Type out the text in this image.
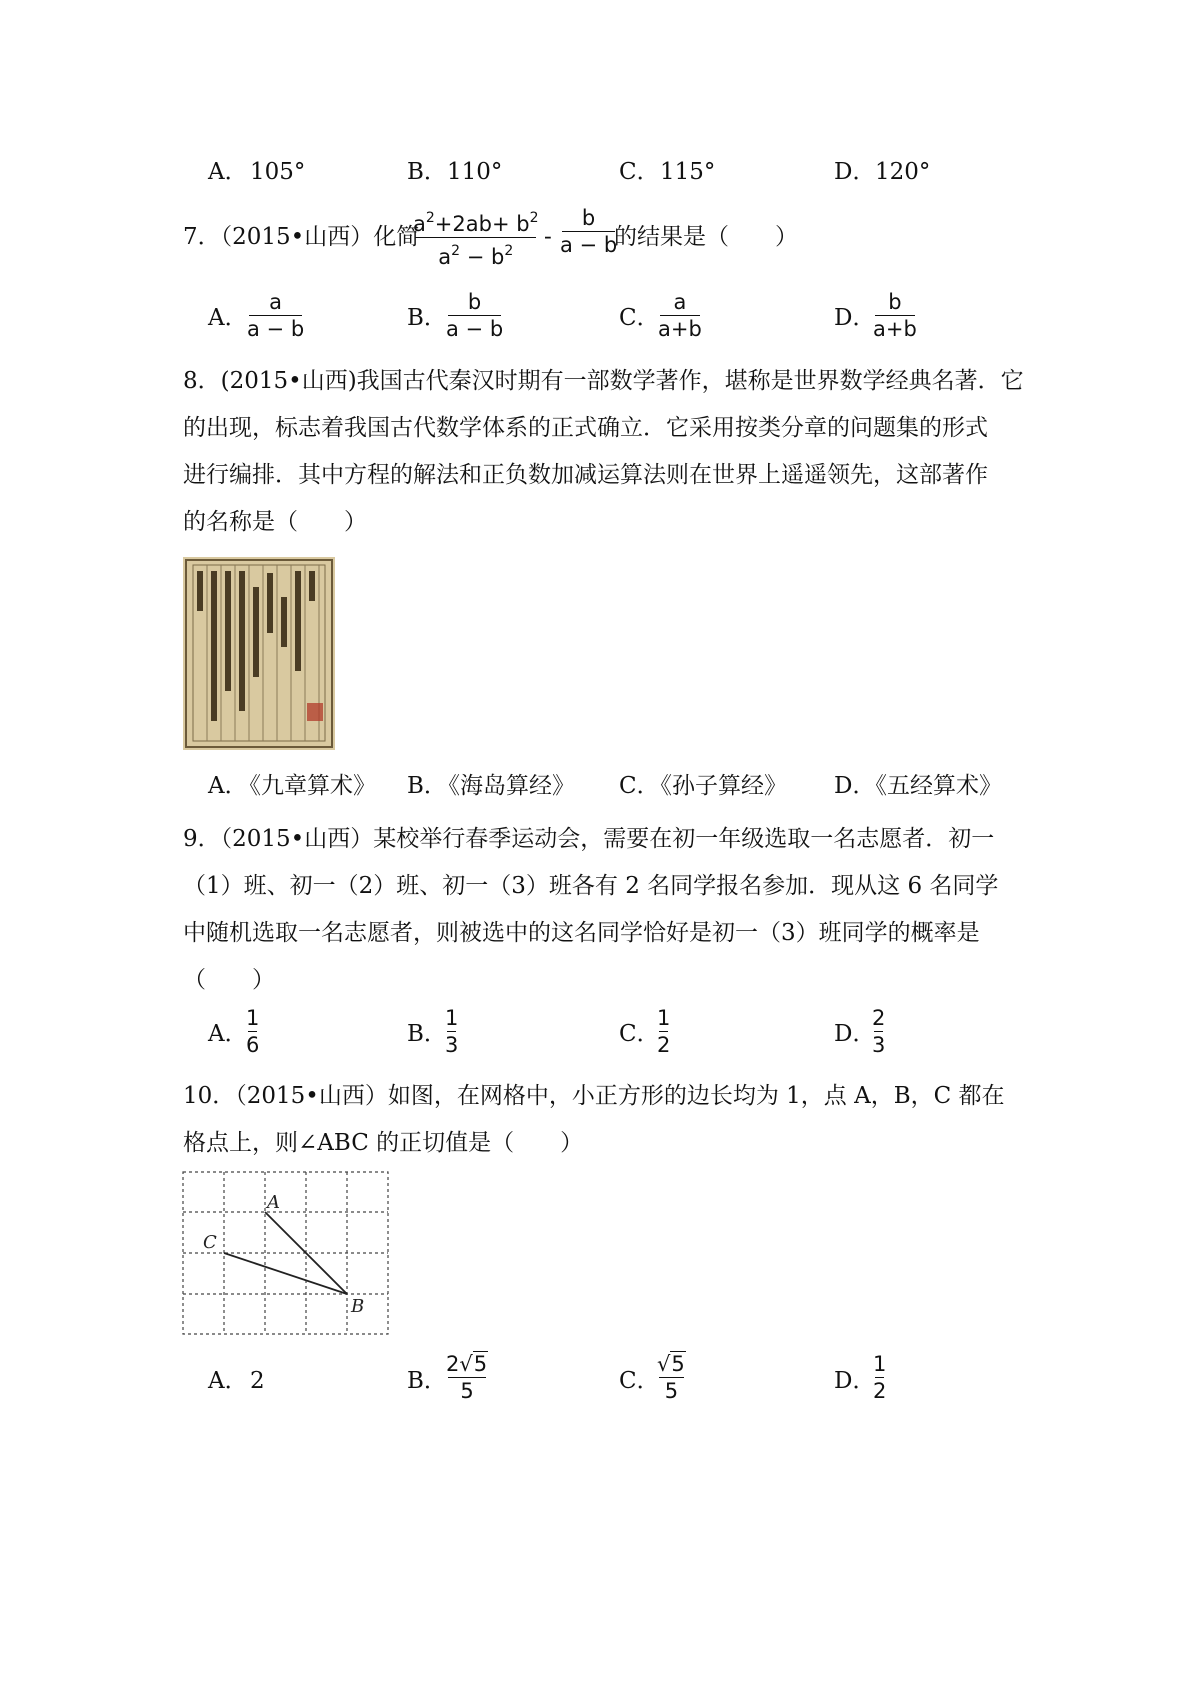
A． 105°	B． 110°	C． 115°	D． 120°
7．（2015•山西）化简
$a^2+2ab+ b^2$
$a^2 - b^2$
-
b
a − b
的结果是（　　）
A．
a
a − b	B．
b
a − b	C．
a
a+b	D．
b
a+b
8．(2015•山西)我国古代秦汉时期有一部数学著作，堪称是世界数学经典名著．它
的出现，标志着我国古代数学体系的正式确立．它采用按类分章的问题集的形式
进行编排．其中方程的解法和正负数加减运算法则在世界上遥遥领先，这部著作
的名称是（　　）
A．
《九章算术》 B．
《海岛算经》 C．
《孙子算经》 D．
《五经算术》
9．（2015•山西）某校举行春季运动会，需要在初一年级选取一名志愿者．初一
（1）班、初一（2）班、初一（3）班各有 2 名同学报名参加．现从这 6 名同学
中随机选取一名志愿者，则被选中的这名同学恰好是初一（3）班同学的概率是
（　　）
A．
1
6	B．
1
3	C．
1
2	D．
2
3
10．（2015•山西）如图，在网格中，小正方形的边长均为 1，点 A，B，C 都在
格点上，则∠ABC 的正切值是（　　）
A
C
B
A． 2	B．
2√5
5	C．
√5
5	D．
1
2
